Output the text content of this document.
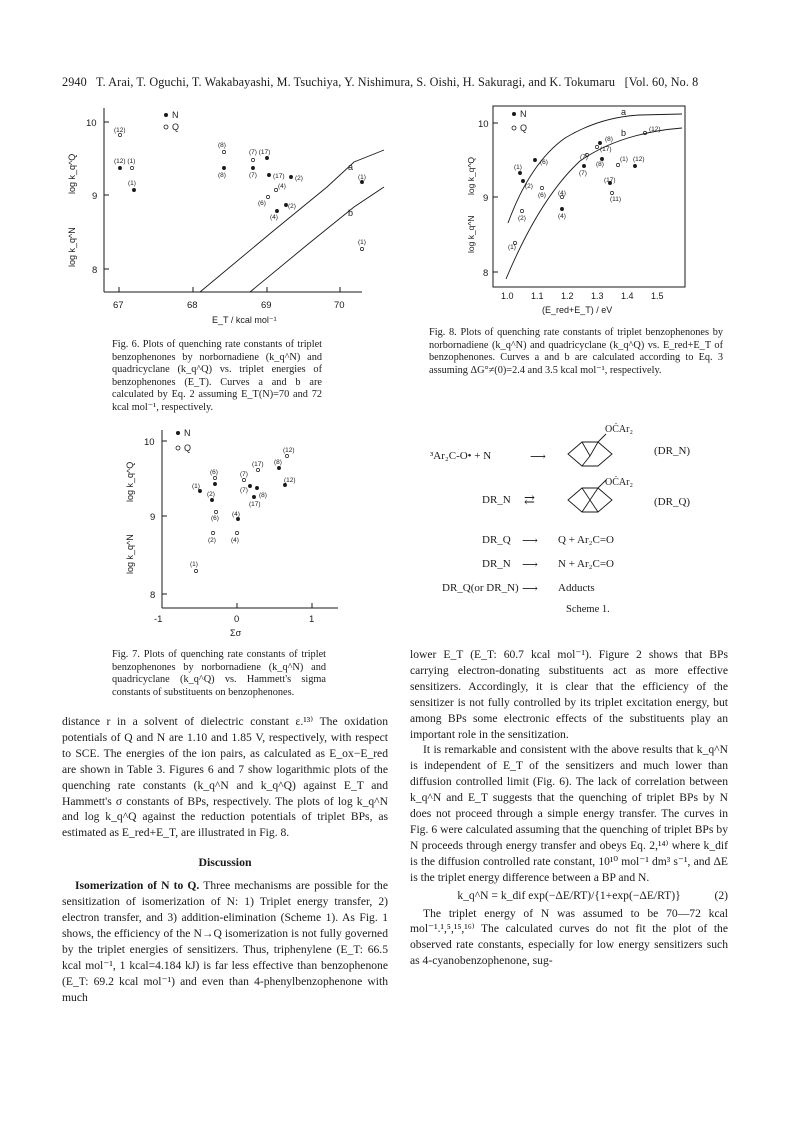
2940 T. Arai, T. Oguchi, T. Wakabayashi, M. Tsuchiya, Y. Nishimura, S. Oishi, H. Sakuragi, and K. Tokumaru [Vol. 60, No. 8
N
Q
10
9
8
67	68	69	70
E_T / kcal mol⁻¹
log k_q^Q
log k_q^N
a
b
(12)
(12) (1)
(1)
(8)
(8)
(7) (17)
(7) (17) (2)
(4)
(6)	(2)
(4)
(1)
(1)
Fig. 6. Plots of quenching rate constants of triplet benzophenones by norbornadiene (k_q^N) and quadricyclane (k_q^Q) vs. triplet energies of benzophenones (E_T). Curves a and b are calculated by Eq. 2 assuming E_T(N)=70 and 72 kcal mol⁻¹, respectively.
N
Q
10
9
8
1.0 1.1 1.2 1.3 1.4 1.5
(E_red+E_T) / eV
log k_q^Q
log k_q^N
a
b
(1)
(6)
(2)
(6) (4)
(4)
(2)
(1)
(7)
(7)
(17)
(8)
(17)
(11)
(1) (12)
(12)
(8)
Fig. 8. Plots of quenching rate constants of triplet benzophenones by norbornadiene (k_q^N) and quadricyclane (k_q^Q) vs. E_red+E_T of benzophenones. Curves a and b are calculated according to Eq. 3 assuming ΔG°≠(0)=2.4 and 3.5 kcal mol⁻¹, respectively.
N
Q
10
9
8
-1	0	1
Σσ
log k_q^Q
log k_q^N
(12)
(8)
(17)
(6)	(7)
(7)
(8)
(17)
(12)
(1)
(2)
(6)
(4)
(2) (4)
(1)
Fig. 7. Plots of quenching rate constants of triplet benzophenones by norbornadiene (k_q^N) and quadricyclane (k_q^Q) vs. Hammett's sigma constants of substituents on benzophenones.
³Ar₂C-O• + N	⟶
OĊAr₂
(DR_N)
DR_N ⇄
OĊAr₂
(DR_Q)
DR_Q ⟶ Q + Ar₂C=O
DR_N ⟶ N + Ar₂C=O
DR_Q(or DR_N) ⟶ Adducts
Scheme 1.

distance r in a solvent of dielectric constant ε.¹³⁾ The oxidation potentials of Q and N are 1.10 and 1.85 V, respectively, with respect to SCE. The energies of the ion pairs, as calculated as E_ox−E_red are shown in Table 3. Figures 6 and 7 show logarithmic plots of the quenching rate constants (k_q^N and k_q^Q) against E_T and Hammett's σ constants of BPs, respectively. The plots of log k_q^N and log k_q^Q against the reduction potentials of triplet BPs, as estimated as E_red+E_T, are illustrated in Fig. 8.

Discussion

Isomerization of N to Q. Three mechanisms are possible for the sensitization of isomerization of N: 1) Triplet energy transfer, 2) electron transfer, and 3) addition-elimination (Scheme 1). As Fig. 1 shows, the efficiency of the N→Q isomerization is not fully governed by the triplet energies of sensitizers. Thus, triphenylene (E_T: 66.5 kcal mol⁻¹, 1 kcal=4.184 kJ) is far less effective than benzophenone (E_T: 69.2 kcal mol⁻¹) and even than 4-phenylbenzophenone with much

lower E_T (E_T: 60.7 kcal mol⁻¹). Figure 2 shows that BPs carrying electron-donating substituents act as more effective sensitizers. Accordingly, it is clear that the efficiency of the sensitizer is not fully controlled by its triplet excitation energy, but among BPs some electronic effects of the substituents play an important role in the sensitization.

It is remarkable and consistent with the above results that k_q^N is independent of E_T of the sensitizers and much lower than diffusion controlled limit (Fig. 6). The lack of correlation between k_q^N and E_T suggests that the quenching of triplet BPs by N does not proceed through a simple energy transfer. The curves in Fig. 6 were calculated assuming that the quenching of triplet BPs by N proceeds through energy transfer and obeys Eq. 2,¹⁴⁾ where k_dif is the diffusion controlled rate constant, 10¹⁰ mol⁻¹ dm³ s⁻¹, and ΔE is the triplet energy difference between a BP and N.

k_q^N = k_dif exp(−ΔE/RT)/{1+exp(−ΔE/RT)}	(2)

The triplet energy of N was assumed to be 70—72 kcal mol⁻¹.¹,⁵,¹⁵,¹⁶⁾ The calculated curves do not fit the plot of the observed rate constants, especially for low energy sensitizers such as 4-cyanobenzophenone, sug-
